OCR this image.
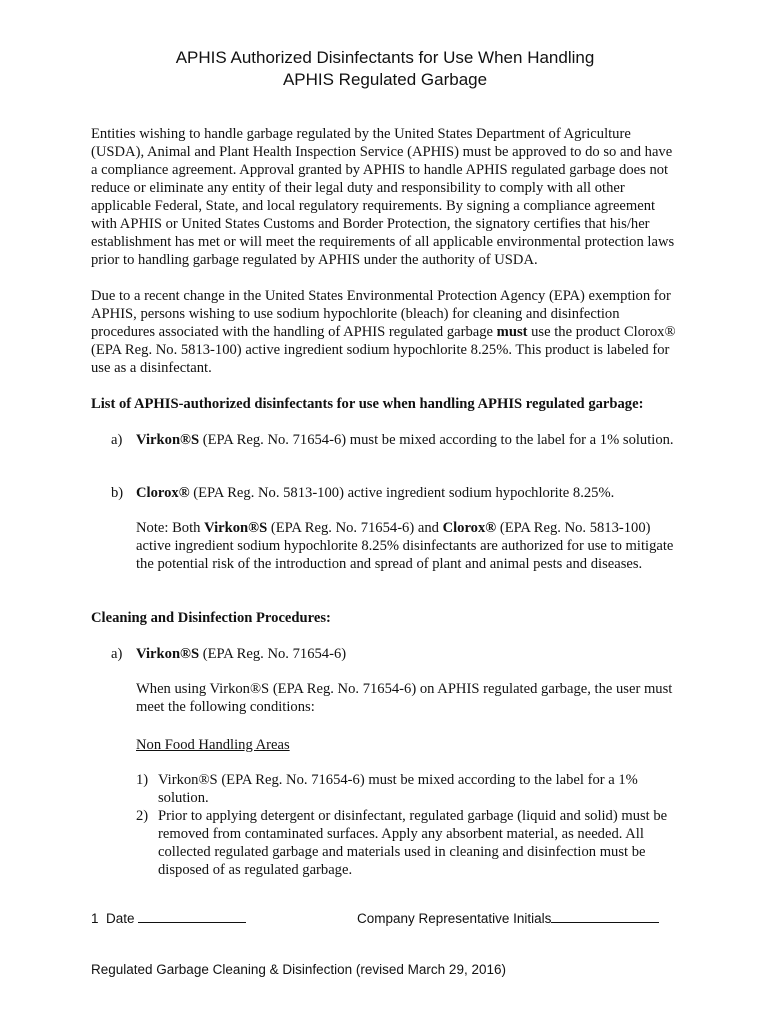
APHIS Authorized Disinfectants for Use When Handling
APHIS Regulated Garbage

Entities wishing to handle garbage regulated by the United States Department of Agriculture (USDA), Animal and Plant Health Inspection Service (APHIS) must be approved to do so and have a compliance agreement. Approval granted by APHIS to handle APHIS regulated garbage does not reduce or eliminate any entity of their legal duty and responsibility to comply with all other applicable Federal, State, and local regulatory requirements. By signing a compliance agreement with APHIS or United States Customs and Border Protection, the signatory certifies that his/her establishment has met or will meet the requirements of all applicable environmental protection laws prior to handling garbage regulated by APHIS under the authority of USDA.

Due to a recent change in the United States Environmental Protection Agency (EPA) exemption for APHIS, persons wishing to use sodium hypochlorite (bleach) for cleaning and disinfection procedures associated with the handling of APHIS regulated garbage must use the product Clorox® (EPA Reg. No. 5813-100) active ingredient sodium hypochlorite 8.25%. This product is labeled for use as a disinfectant.

List of APHIS-authorized disinfectants for use when handling APHIS regulated garbage:

a) Virkon®S (EPA Reg. No. 71654-6) must be mixed according to the label for a 1% solution.
b) Clorox® (EPA Reg. No. 5813-100) active ingredient sodium hypochlorite 8.25%.

Note: Both Virkon®S (EPA Reg. No. 71654-6) and Clorox® (EPA Reg. No. 5813-100) active ingredient sodium hypochlorite 8.25% disinfectants are authorized for use to mitigate the potential risk of the introduction and spread of plant and animal pests and diseases.

Cleaning and Disinfection Procedures:

a) Virkon®S (EPA Reg. No. 71654-6)

When using Virkon®S (EPA Reg. No. 71654-6) on APHIS regulated garbage, the user must meet the following conditions:

Non Food Handling Areas

1) Virkon®S (EPA Reg. No. 71654-6) must be mixed according to the label for a 1% solution.
2) Prior to applying detergent or disinfectant, regulated garbage (liquid and solid) must be removed from contaminated surfaces. Apply any absorbent material, as needed. All collected regulated garbage and materials used in cleaning and disinfection must be disposed of as regulated garbage.
1 Date	Company Representative Initials
Regulated Garbage Cleaning & Disinfection (revised March 29, 2016)
